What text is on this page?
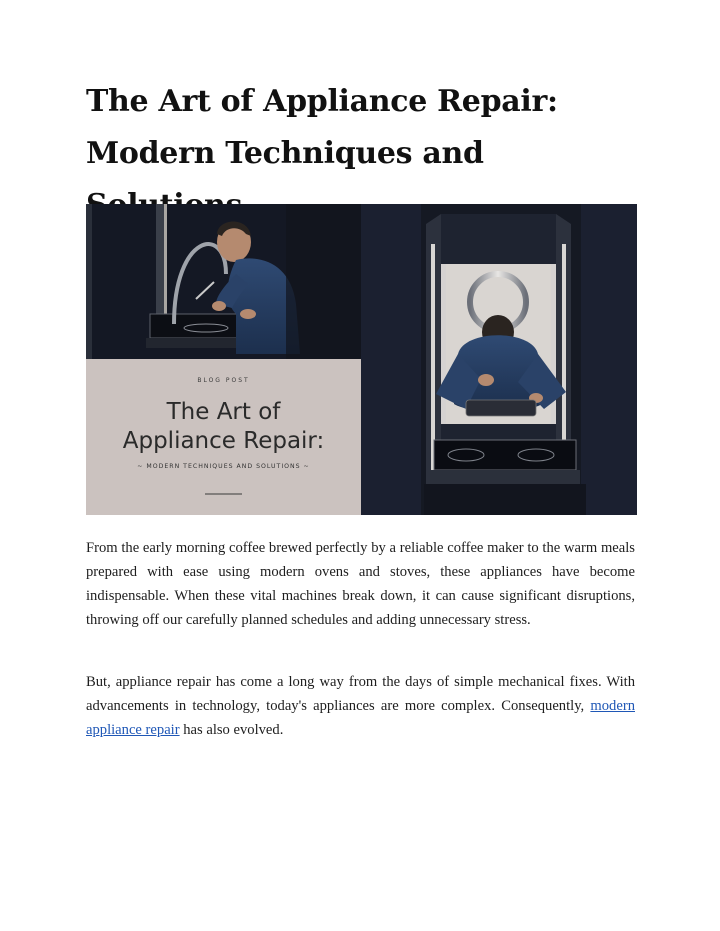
The Art of Appliance Repair:
Modern Techniques and
BLOG POST
The Art of
Appliance Repair:
~ MODERN TECHNIQUES AND SOLUTIONS ~

From the early morning coffee brewed perfectly by a reliable coffee maker to the warm meals prepared with ease using modern ovens and stoves, these appliances have become indispensable. When these vital machines break down, it can cause significant disruptions, throwing off our carefully planned schedules and adding unnecessary stress.

But, appliance repair has come a long way from the days of simple mechanical fixes. With advancements in technology, today's appliances are more complex. Consequently, modern appliance repair has also evolved.
